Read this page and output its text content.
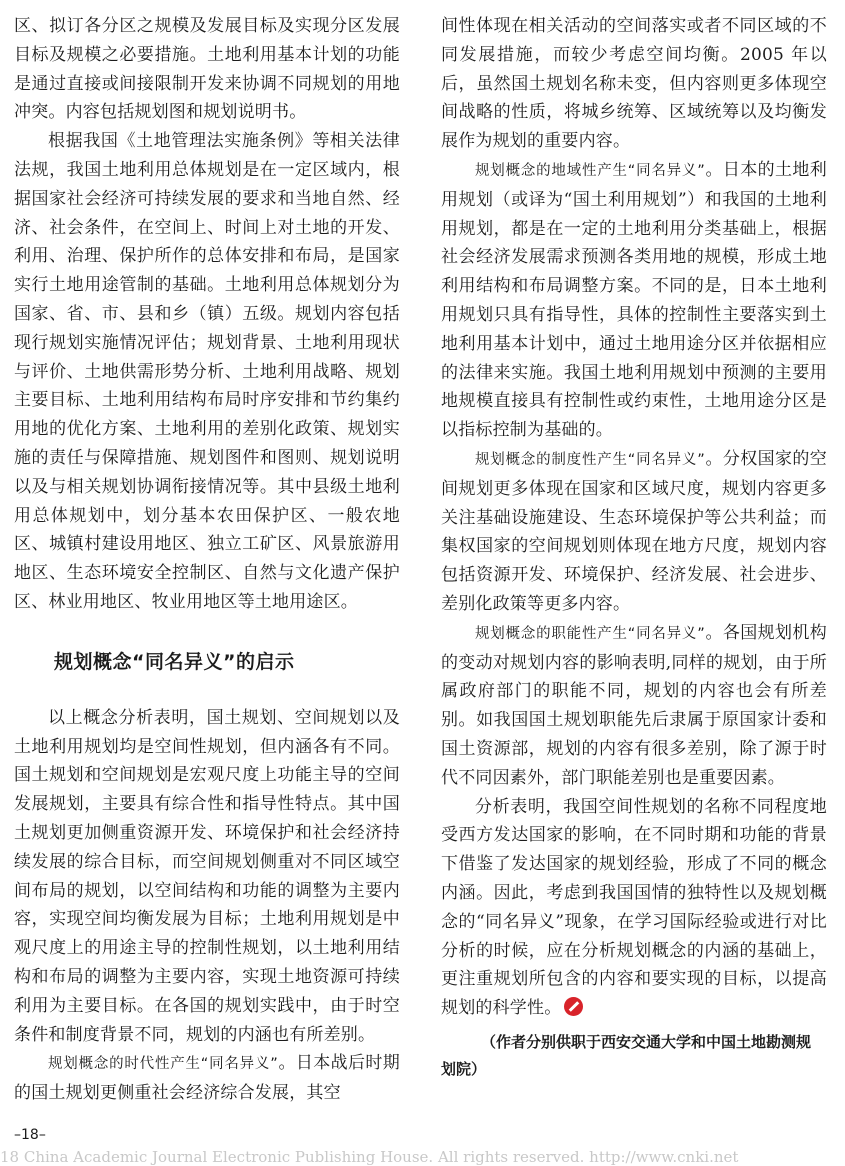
区、拟订各分区之规模及发展目标及实现分区发展目标及规模之必要措施。土地利用基本计划的功能是通过直接或间接限制开发来协调不同规划的用地冲突。内容包括规划图和规划说明书。

根据我国《土地管理法实施条例》等相关法律法规，我国土地利用总体规划是在一定区域内，根据国家社会经济可持续发展的要求和当地自然、经济、社会条件，在空间上、时间上对土地的开发、利用、治理、保护所作的总体安排和布局，是国家实行土地用途管制的基础。土地利用总体规划分为国家、省、市、县和乡（镇）五级。规划内容包括现行规划实施情况评估；规划背景、土地利用现状与评价、土地供需形势分析、土地利用战略、规划主要目标、土地利用结构布局时序安排和节约集约用地的优化方案、土地利用的差别化政策、规划实施的责任与保障措施、规划图件和图则、规划说明以及与相关规划协调衔接情况等。其中县级土地利用总体规划中，划分基本农田保护区、一般农地区、城镇村建设用地区、独立工矿区、风景旅游用地区、生态环境安全控制区、自然与文化遗产保护区、林业用地区、牧业用地区等土地用途区。

规划概念“同名异义”的启示

以上概念分析表明，国土规划、空间规划以及土地利用规划均是空间性规划，但内涵各有不同。国土规划和空间规划是宏观尺度上功能主导的空间发展规划，主要具有综合性和指导性特点。其中国土规划更加侧重资源开发、环境保护和社会经济持续发展的综合目标，而空间规划侧重对不同区域空间布局的规划，以空间结构和功能的调整为主要内容，实现空间均衡发展为目标；土地利用规划是中观尺度上的用途主导的控制性规划，以土地利用结构和布局的调整为主要内容，实现土地资源可持续利用为主要目标。在各国的规划实践中，由于时空条件和制度背景不同，规划的内涵也有所差别。

规划概念的时代性产生“同名异义”。日本战后时期的国土规划更侧重社会经济综合发展，其空

间性体现在相关活动的空间落实或者不同区域的不同发展措施，而较少考虑空间均衡。2005 年以后，虽然国土规划名称未变，但内容则更多体现空间战略的性质，将城乡统筹、区域统筹以及均衡发展作为规划的重要内容。

规划概念的地域性产生“同名异义”。日本的土地利用规划（或译为“国土利用规划”）和我国的土地利用规划，都是在一定的土地利用分类基础上，根据社会经济发展需求预测各类用地的规模，形成土地利用结构和布局调整方案。不同的是，日本土地利用规划只具有指导性，具体的控制性主要落实到土地利用基本计划中，通过土地用途分区并依据相应的法律来实施。我国土地利用规划中预测的主要用地规模直接具有控制性或约束性，土地用途分区是以指标控制为基础的。

规划概念的制度性产生“同名异义”。分权国家的空间规划更多体现在国家和区域尺度，规划内容更多关注基础设施建设、生态环境保护等公共利益；而集权国家的空间规划则体现在地方尺度，规划内容包括资源开发、环境保护、经济发展、社会进步、差别化政策等更多内容。

规划概念的职能性产生“同名异义”。各国规划机构的变动对规划内容的影响表明,同样的规划，由于所属政府部门的职能不同，规划的内容也会有所差别。如我国国土规划职能先后隶属于原国家计委和国土资源部，规划的内容有很多差别，除了源于时代不同因素外，部门职能差别也是重要因素。

分析表明，我国空间性规划的名称不同程度地受西方发达国家的影响，在不同时期和功能的背景下借鉴了发达国家的规划经验，形成了不同的概念内涵。因此，考虑到我国国情的独特性以及规划概念的“同名异义”现象，在学习国际经验或进行对比分析的时候，应在分析规划概念的内涵的基础上，更注重规划所包含的内容和要实现的目标，以提高规划的科学性。

（作者分别供职于西安交通大学和中国土地勘测规
划院）

–18–
18 China Academic Journal Electronic Publishing House. All rights reserved. http://www.cnki.net
